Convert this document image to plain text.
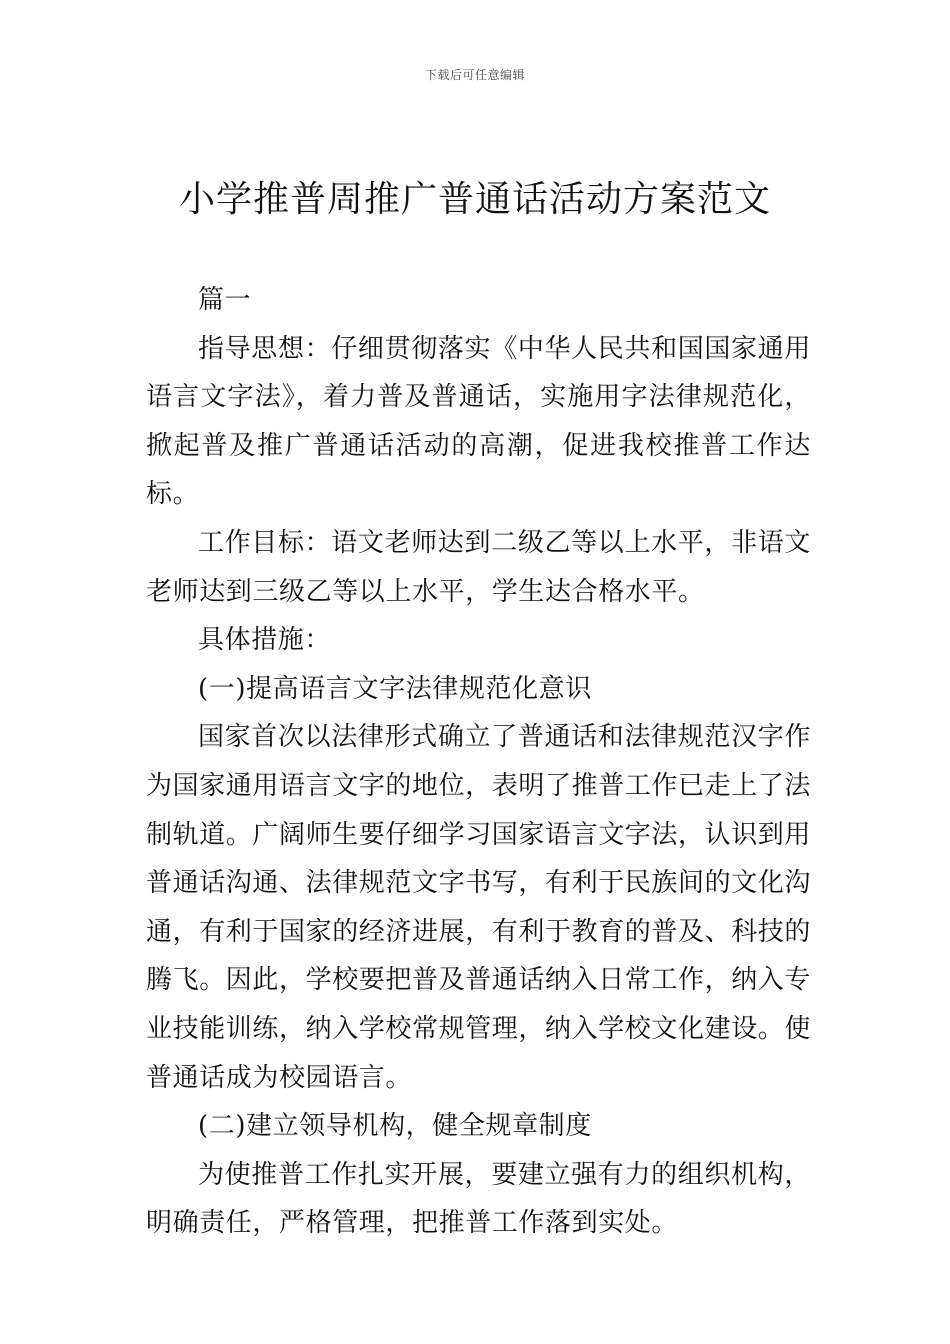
下载后可任意编辑
小学推普周推广普通话活动方案范文

篇一

指导思想：仔细贯彻落实《中华人民共和国国家通用语言文字法》，着力普及普通话，实施用字法律规范化，掀起普及推广普通话活动的高潮，促进我校推普工作达标。

工作目标：语文老师达到二级乙等以上水平，非语文老师达到三级乙等以上水平，学生达合格水平。

具体措施：

(一)提高语言文字法律规范化意识

国家首次以法律形式确立了普通话和法律规范汉字作为国家通用语言文字的地位，表明了推普工作已走上了法制轨道。广阔师生要仔细学习国家语言文字法，认识到用普通话沟通、法律规范文字书写，有利于民族间的文化沟通，有利于国家的经济进展，有利于教育的普及、科技的腾飞。因此，学校要把普及普通话纳入日常工作，纳入专业技能训练，纳入学校常规管理，纳入学校文化建设。使普通话成为校园语言。

(二)建立领导机构，健全规章制度

为使推普工作扎实开展，要建立强有力的组织机构，明确责任，严格管理，把推普工作落到实处。
